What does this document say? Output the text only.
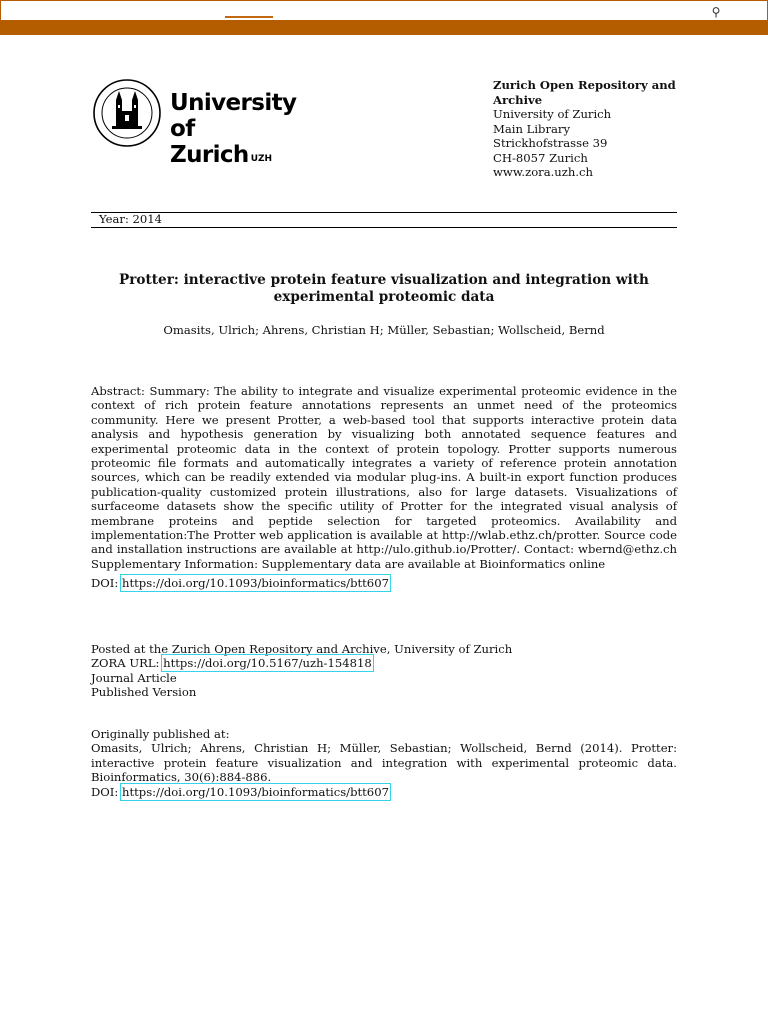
⚲
University of
Zurich $^{UZH}$
Zurich Open Repository and Archive
University of Zurich
Main Library
Strickhofstrasse 39
CH-8057 Zurich
www.zora.uzh.ch
Year: 2014
Protter: interactive protein feature visualization and integration with experimental proteomic data
Omasits, Ulrich; Ahrens, Christian H; Müller, Sebastian; Wollscheid, Bernd
Abstract: Summary: The ability to integrate and visualize experimental proteomic evidence in the context of rich protein feature annotations represents an unmet need of the proteomics community. Here we present Protter, a web-based tool that supports interactive protein data analysis and hypothesis generation by visualizing both annotated sequence features and experimental proteomic data in the context of protein topology. Protter supports numerous proteomic file formats and automatically integrates a variety of reference protein annotation sources, which can be readily extended via modular plug-ins. A built-in export function produces publication-quality customized protein illustrations, also for large datasets. Visualizations of surfaceome datasets show the specific utility of Protter for the integrated visual analysis of membrane proteins and peptide selection for targeted proteomics. Availability and implementation:The Protter web application is available at http://wlab.ethz.ch/protter. Source code and installation instructions are available at http://ulo.github.io/Protter/. Contact: wbernd@ethz.ch Supplementary Information: Supplementary data are available at Bioinformatics online
DOI: https://doi.org/10.1093/bioinformatics/btt607
Posted at the Zurich Open Repository and Archive, University of Zurich
ZORA URL: https://doi.org/10.5167/uzh-154818
Journal Article
Published Version
Originally published at:
Omasits, Ulrich; Ahrens, Christian H; Müller, Sebastian; Wollscheid, Bernd (2014). Protter: interactive protein feature visualization and integration with experimental proteomic data. Bioinformatics, 30(6):884-886.
DOI: https://doi.org/10.1093/bioinformatics/btt607
